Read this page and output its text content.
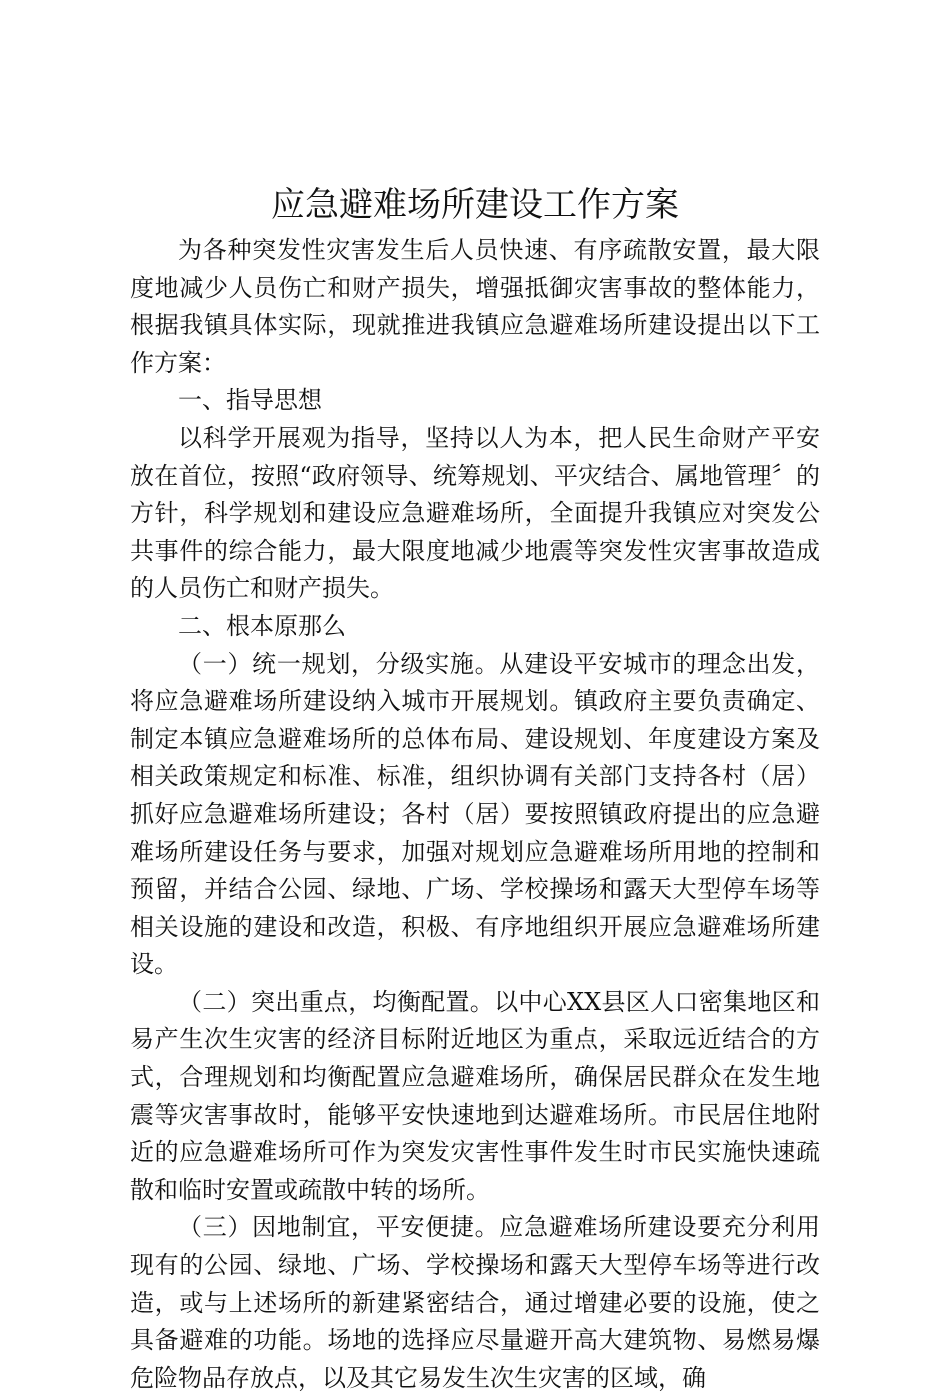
应急避难场所建设工作方案

为各种突发性灾害发生后人员快速、有序疏散安置，最大限度地减少人员伤亡和财产损失，增强抵御灾害事故的整体能力，根据我镇具体实际，现就推进我镇应急避难场所建设提出以下工作方案：

一、指导思想

以科学开展观为指导，坚持以人为本，把人民生命财产平安放在首位，按照“政府领导、统筹规划、平灾结合、属地管理〞的方针，科学规划和建设应急避难场所，全面提升我镇应对突发公共事件的综合能力，最大限度地减少地震等突发性灾害事故造成的人员伤亡和财产损失。

二、根本原那么

（一）统一规划，分级实施。从建设平安城市的理念出发，将应急避难场所建设纳入城市开展规划。镇政府主要负责确定、制定本镇应急避难场所的总体布局、建设规划、年度建设方案及相关政策规定和标准、标准，组织协调有关部门支持各村（居）抓好应急避难场所建设；各村（居）要按照镇政府提出的应急避难场所建设任务与要求，加强对规划应急避难场所用地的控制和预留，并结合公园、绿地、广场、学校操场和露天大型停车场等相关设施的建设和改造，积极、有序地组织开展应急避难场所建设。

（二）突出重点，均衡配置。以中心XX县区人口密集地区和易产生次生灾害的经济目标附近地区为重点，采取远近结合的方式，合理规划和均衡配置应急避难场所，确保居民群众在发生地震等灾害事故时，能够平安快速地到达避难场所。市民居住地附近的应急避难场所可作为突发灾害性事件发生时市民实施快速疏散和临时安置或疏散中转的场所。

（三）因地制宜，平安便捷。应急避难场所建设要充分利用现有的公园、绿地、广场、学校操场和露天大型停车场等进行改造，或与上述场所的新建紧密结合，通过增建必要的设施，使之具备避难的功能。场地的选择应尽量避开高大建筑物、易燃易爆危险物品存放点，以及其它易发生次生灾害的区域，确
